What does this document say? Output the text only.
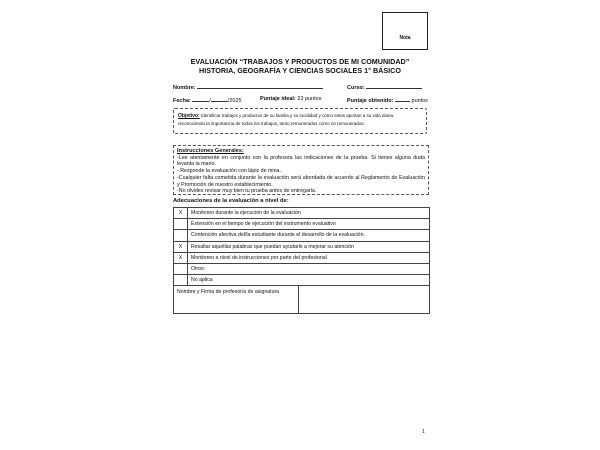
Nota
EVALUACIÓN “TRABAJOS Y PRODUCTOS DE MI COMUNIDAD”
HISTORIA, GEOGRAFÍA Y CIENCIAS SOCIALES 1° BÁSICO
Nombre:	Curso:
Fecha:	/	/2025	Puntaje ideal: 23 puntos	Puntaje obtenido:	puntos
Objetivo: Identificar trabajos y productos de su familia y su localidad y cómo estos aportan a su vida diaria, reconociendo la importancia de todos los trabajos, tanto remunerados como no remunerados.
Instrucciones Generales:
-Lee atentamente en conjunto con la profesora las indicaciones de la prueba. Si tienes alguna duda levanta la mano.
- Responde la evaluación con lápiz de mina.
-Cualquier falta cometida durante la evaluación será abordada de acuerdo al Reglamento de Evaluación y Promoción de nuestro establecimiento.
-No olvides revisar muy bien tu prueba antes de entregarla.
Adecuaciones de la evaluación a nivel de:
X	Monitoreo durante la ejecución de la evaluación
	Extensión en el tiempo de ejecución del instrumento evaluativo
	Contención afectiva del/la estudiante durante el desarrollo de la evaluación.
X	Resaltar aquellas palabras que puedan ayudarle a mejorar su atención
X	Monitoreo a nivel de instrucciones por parte del profesional
	Otros:
	No aplica

Nombre y Firma de profesor/a de asignatura	
1
